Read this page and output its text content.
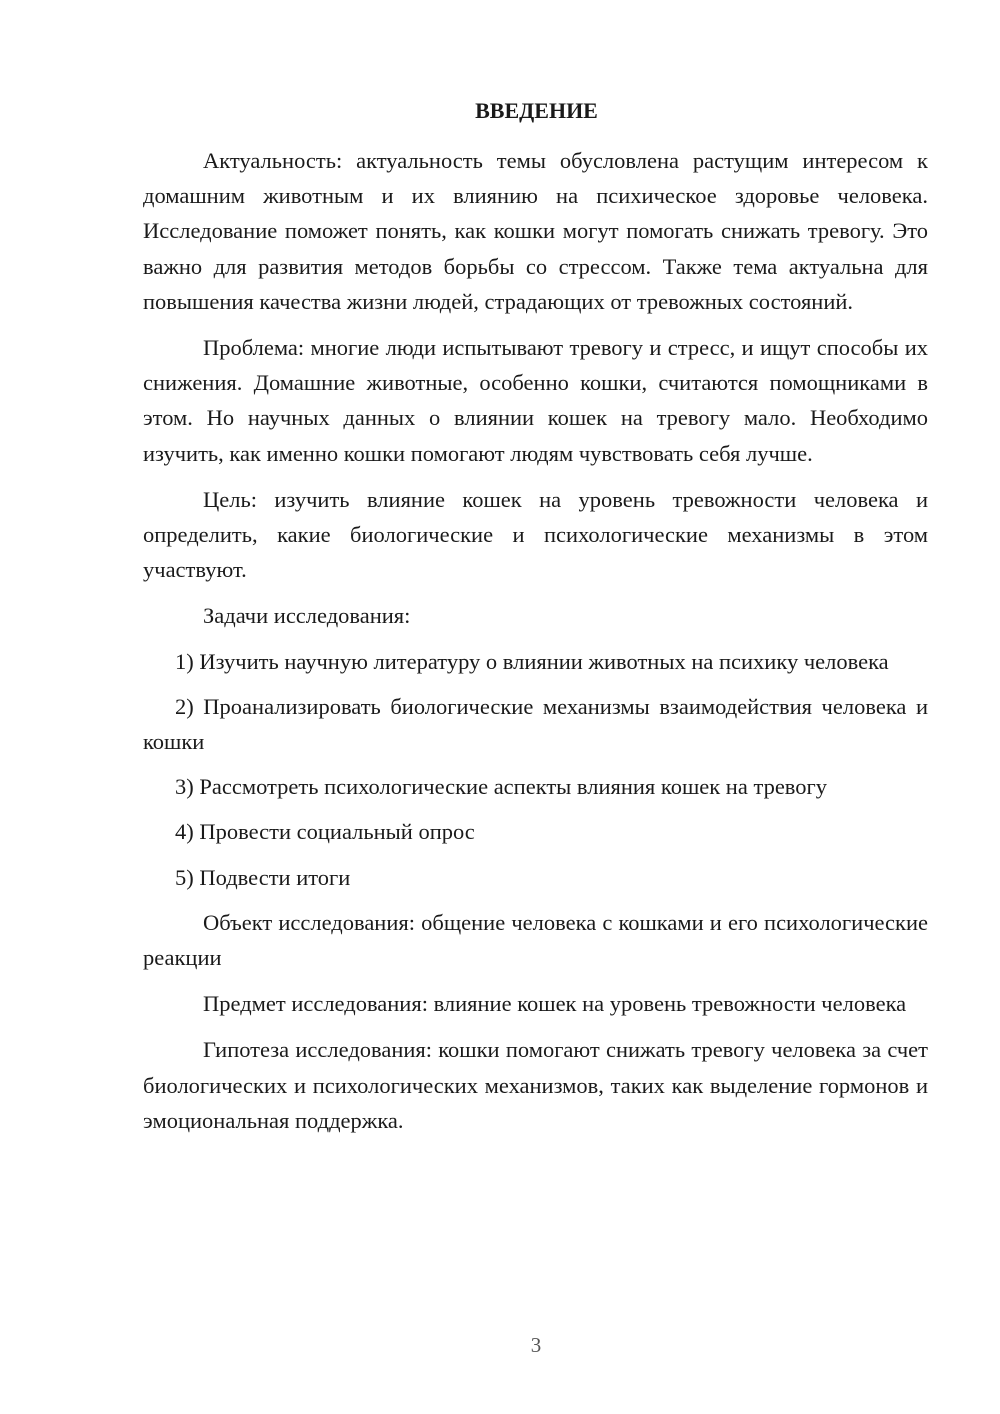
ВВЕДЕНИЕ

Актуальность: актуальность темы обусловлена растущим интересом к домашним животным и их влиянию на психическое здоровье человека. Исследование поможет понять, как кошки могут помогать снижать тревогу. Это важно для развития методов борьбы со стрессом. Также тема актуальна для повышения качества жизни людей, страдающих от тревожных состояний.

Проблема: многие люди испытывают тревогу и стресс, и ищут способы их снижения. Домашние животные, особенно кошки, считаются помощниками в этом. Но научных данных о влиянии кошек на тревогу мало. Необходимо изучить, как именно кошки помогают людям чувствовать себя лучше.

Цель: изучить влияние кошек на уровень тревожности человека и определить, какие биологические и психологические механизмы в этом участвуют.

Задачи исследования:

1) Изучить научную литературу о влиянии животных на психику человека

2) Проанализировать биологические механизмы взаимодействия человека и кошки

3) Рассмотреть психологические аспекты влияния кошек на тревогу

4) Провести социальный опрос

5) Подвести итоги

Объект исследования: общение человека с кошками и его психологические реакции

Предмет исследования: влияние кошек на уровень тревожности человека

Гипотеза исследования: кошки помогают снижать тревогу человека за счет биологических и психологических механизмов, таких как выделение гормонов и эмоциональная поддержка.

3
